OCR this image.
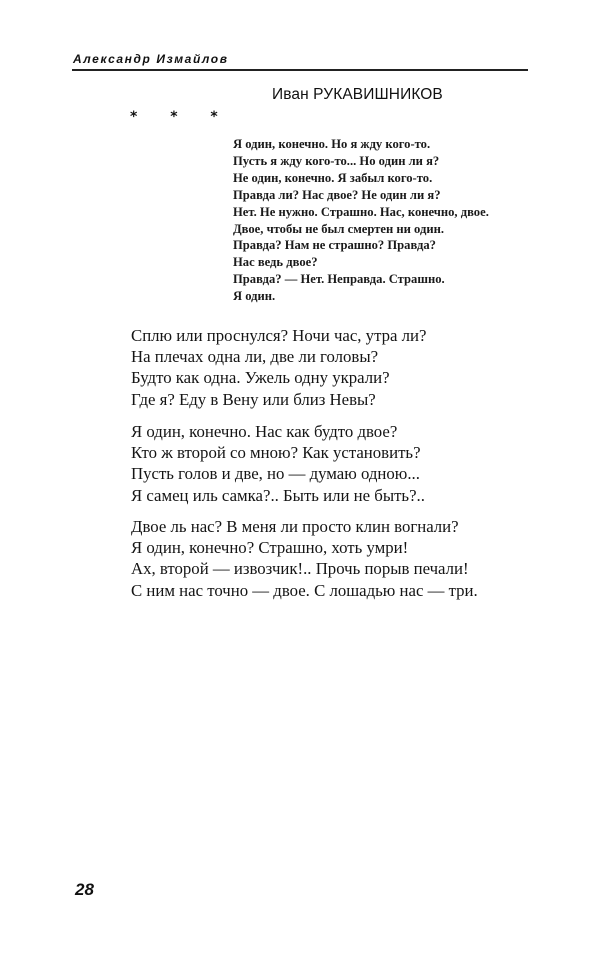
Александр Измайлов
Иван РУКАВИШНИКОВ
* * *
Я один, конечно. Но я жду кого-то.
Пусть я жду кого-то... Но один ли я?
Не один, конечно. Я забыл кого-то.
Правда ли? Нас двое? Не один ли я?
Нет. Не нужно. Страшно. Нас, конечно, двое.
Двое, чтобы не был смертен ни один.
Правда? Нам не страшно? Правда?
Нас ведь двое?
Правда? — Нет. Неправда. Страшно.
Я один.
Сплю или проснулся? Ночи час, утра ли?
На плечах одна ли, две ли головы?
Будто как одна. Ужель одну украли?
Где я? Еду в Вену или близ Невы?
Я один, конечно. Нас как будто двое?
Кто ж второй со мною? Как установить?
Пусть голов и две, но — думаю одною...
Я самец иль самка?.. Быть или не быть?..
Двое ль нас? В меня ли просто клин вогнали?
Я один, конечно? Страшно, хоть умри!
Ах, второй — извозчик!.. Прочь порыв печали!
С ним нас точно — двое. С лошадью нас — три.
28
